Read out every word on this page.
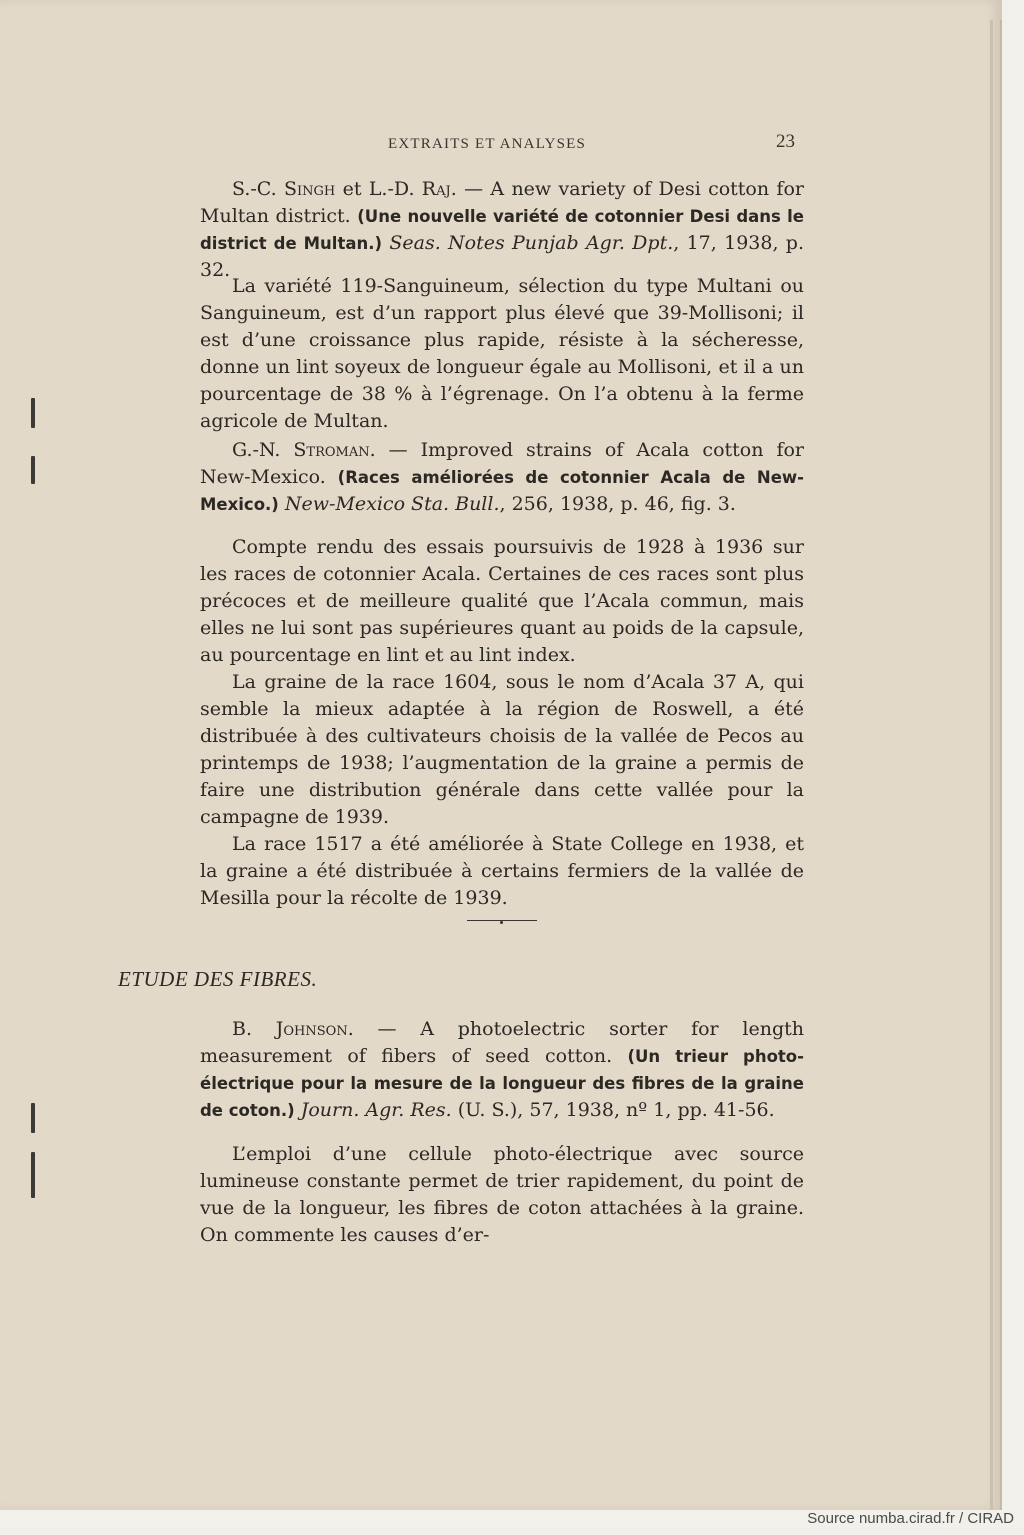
EXTRAITS ET ANALYSES	23

S.-C. Singh et L.-D. Raj. — A new variety of Desi cotton for Multan district. (Une nouvelle variété de cotonnier Desi dans le district de Multan.) Seas. Notes Punjab Agr. Dpt., 17, 1938, p. 32.

La variété 119-Sanguineum, sélection du type Multani ou Sanguineum, est d’un rapport plus élevé que 39-Mollisoni; il est d’une croissance plus rapide, résiste à la sécheresse, donne un lint soyeux de longueur égale au Mollisoni, et il a un pourcentage de 38 % à l’égrenage. On l’a obtenu à la ferme agricole de Multan.

G.-N. Stroman. — Improved strains of Acala cotton for New-Mexico. (Races améliorées de cotonnier Acala de New-Mexico.) New-Mexico Sta. Bull., 256, 1938, p. 46, fig. 3.

Compte rendu des essais poursuivis de 1928 à 1936 sur les races de cotonnier Acala. Certaines de ces races sont plus précoces et de meilleure qualité que l’Acala commun, mais elles ne lui sont pas supérieures quant au poids de la capsule, au pourcentage en lint et au lint index.

La graine de la race 1604, sous le nom d’Acala 37 A, qui semble la mieux adaptée à la région de Roswell, a été distribuée à des cultivateurs choisis de la vallée de Pecos au printemps de 1938; l’augmentation de la graine a permis de faire une distribution générale dans cette vallée pour la campagne de 1939.

La race 1517 a été améliorée à State College en 1938, et la graine a été distribuée à certains fermiers de la vallée de Mesilla pour la récolte de 1939.

ETUDE DES FIBRES.

B. Johnson. — A photoelectric sorter for length measurement of fibers of seed cotton. (Un trieur photo-électrique pour la mesure de la longueur des fibres de la graine de coton.) Journ. Agr. Res. (U. S.), 57, 1938, nº 1, pp. 41-56.

L’emploi d’une cellule photo-électrique avec source lumineuse constante permet de trier rapidement, du point de vue de la longueur, les fibres de coton attachées à la graine. On commente les causes d’er-

Source numba.cirad.fr / CIRAD
